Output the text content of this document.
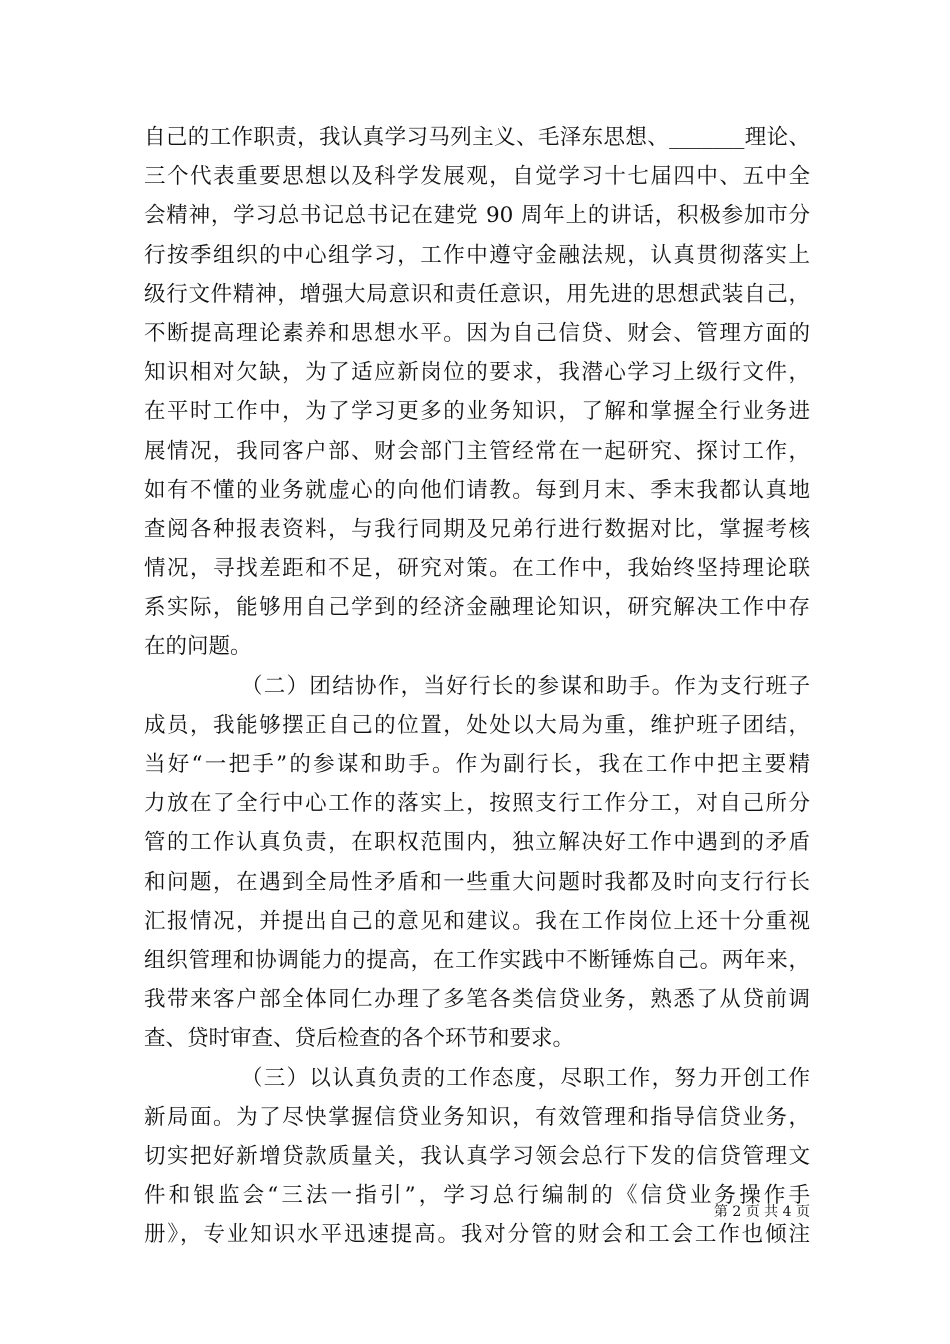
自己的工作职责，我认真学习马列主义、毛泽东思想、_______理论、
三个代表重要思想以及科学发展观，自觉学习十七届四中、五中全
会精神，学习总书记总书记在建党 90 周年上的讲话，积极参加市分
行按季组织的中心组学习，工作中遵守金融法规，认真贯彻落实上
级行文件精神，增强大局意识和责任意识，用先进的思想武装自己，
不断提高理论素养和思想水平。因为自己信贷、财会、管理方面的
知识相对欠缺，为了适应新岗位的要求，我潜心学习上级行文件，
在平时工作中，为了学习更多的业务知识，了解和掌握全行业务进
展情况，我同客户部、财会部门主管经常在一起研究、探讨工作，
如有不懂的业务就虚心的向他们请教。每到月末、季末我都认真地
查阅各种报表资料，与我行同期及兄弟行进行数据对比，掌握考核
情况，寻找差距和不足，研究对策。在工作中，我始终坚持理论联
系实际，能够用自己学到的经济金融理论知识，研究解决工作中存
在的问题。
（二）团结协作，当好行长的参谋和助手。作为支行班子
成员，我能够摆正自己的位置，处处以大局为重，维护班子团结，
当好“一把手”的参谋和助手。作为副行长，我在工作中把主要精
力放在了全行中心工作的落实上，按照支行工作分工，对自己所分
管的工作认真负责，在职权范围内，独立解决好工作中遇到的矛盾
和问题，在遇到全局性矛盾和一些重大问题时我都及时向支行行长
汇报情况，并提出自己的意见和建议。我在工作岗位上还十分重视
组织管理和协调能力的提高，在工作实践中不断锤炼自己。两年来，
我带来客户部全体同仁办理了多笔各类信贷业务，熟悉了从贷前调
查、贷时审查、贷后检查的各个环节和要求。
（三）以认真负责的工作态度，尽职工作，努力开创工作
新局面。为了尽快掌握信贷业务知识，有效管理和指导信贷业务，
切实把好新增贷款质量关，我认真学习领会总行下发的信贷管理文
件和银监会“三法一指引”，学习总行编制的《信贷业务操作手
册》，专业知识水平迅速提高。我对分管的财会和工会工作也倾注
第 2 页 共 4 页
